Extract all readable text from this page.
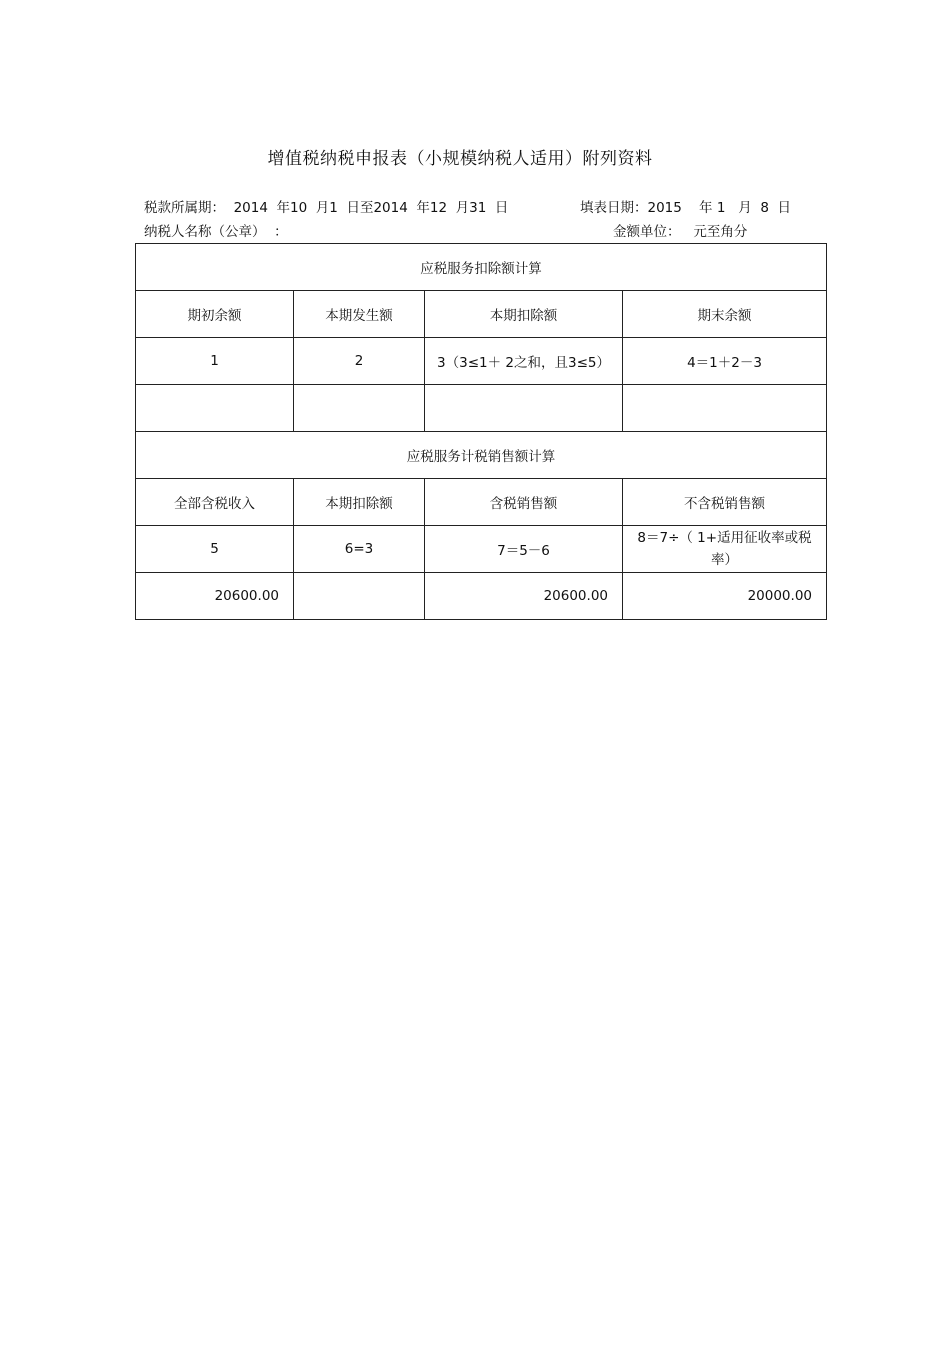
增值税纳税申报表（小规模纳税人适用）附列资料
税款所属期：  2014  年10  月1  日至2014  年12  月31  日	填表日期：2015    年 1   月  8  日
纳税人名称（公章）  ：	金额单位：   元至角分
应税服务扣除额计算			
期初余额	本期发生额	本期扣除额	期末余额
1	2	3（3≤1＋ 2之和，且3≤5）	4＝1＋2－3

应税服务计税销售额计算			
全部含税收入	本期扣除额	含税销售额	不含税销售额
5	6=3	7＝5－6	8＝7÷（ 1+适用征收率或税率）
20600.00		20600.00	20000.00
